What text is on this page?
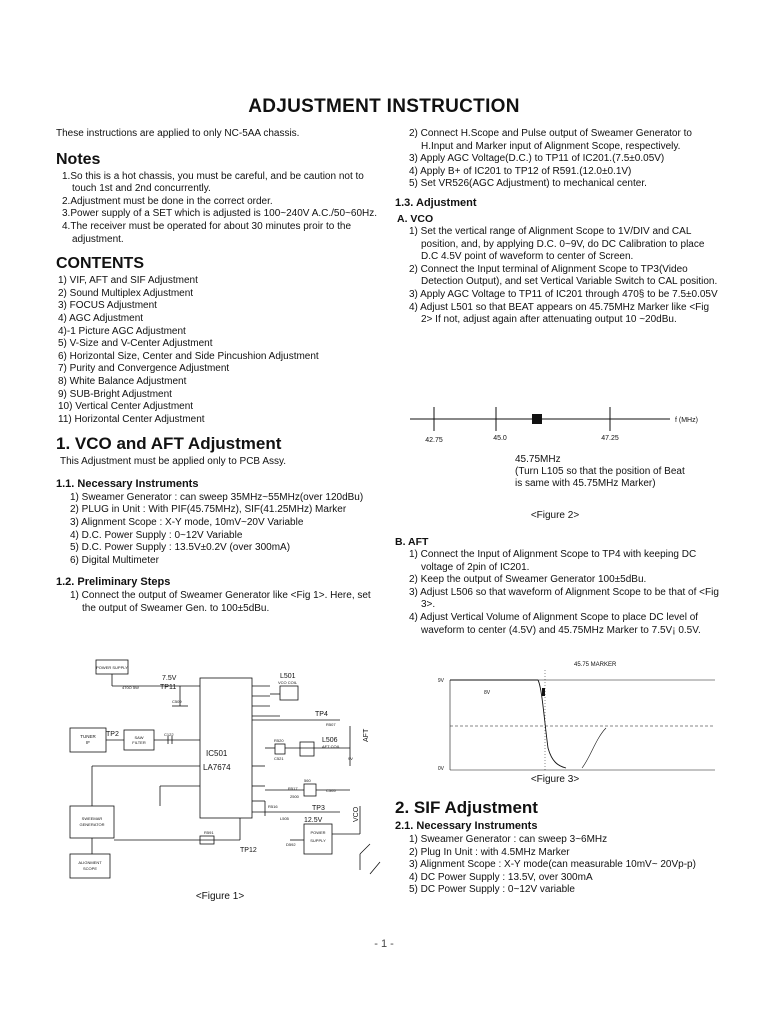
ADJUSTMENT INSTRUCTION

These instructions are applied to only NC-5AA chassis.

Notes

1.So this is a hot chassis, you must be careful, and be caution not to touch 1st and 2nd concurrently.

2.Adjustment must be done in the correct order.

3.Power supply of a SET which is adjusted is 100~240V A.C./50~60Hz.

4.The receiver must be operated for about 30 minutes proir to the adjustment.

CONTENTS
1) VIF, AFT and SIF Adjustment
2) Sound Multiplex Adjustment
3) FOCUS Adjustment
4) AGC Adjustment
4)-1 Picture AGC Adjustment
5) V-Size and V-Center Adjustment
6) Horizontal Size, Center and Side Pincushion Adjustment
7) Purity and Convergence Adjustment
8) White Balance Adjustment
9) SUB-Bright Adjustment
10) Vertical Center Adjustment
11) Horizontal Center Adjustment
1. VCO and AFT Adjustment

This Adjustment must be applied only to PCB Assy.

1.1. Necessary Instruments
1) Sweamer Generator : can sweep 35MHz~55MHz(over 120dBu)
2) PLUG in Unit : With PIF(45.75MHz), SIF(41.25MHz) Marker
3) Alignment Scope : X-Y mode, 10mV~20V Variable
4) D.C. Power Supply : 0~12V Variable
5) D.C. Power Supply : 13.5V±0.2V (over 300mA)
6) Digital Multimeter
1.2. Preliminary Steps
1) Connect the output of Sweamer Generator like <Fig 1>. Here, set the output of Sweamer Gen. to 100±5dBu.
POWER SUPPLY
7.5V
TP11
470O 5W
C509
L501
VCO COIL
TP4
R507
TUNER
IF
TP2	SAW
FILTER
C122
IC501
LA7674
R520
C521
L506
AFT COIL
AFT
9V
R517
560
2500
C505
TP3
R516
L505	VCO
12.5V
SWEEMAR
GENERATOR
R591
TP12
D592
POWER
SUPPLY
ALIGNMENT
SCOPE
<Figure 1>
2) Connect H.Scope and Pulse output of Sweamer Generator to H.Input and Marker input of Alignment Scope, respectively.
3) Apply AGC Voltage(D.C.) to TP11 of IC201.(7.5±0.05V)
4) Apply B+ of IC201 to TP12 of R591.(12.0±0.1V)
5) Set VR526(AGC Adjustment) to mechanical center.
1.3. Adjustment
A. VCO
1) Set the vertical range of Alignment Scope to 1V/DIV and CAL position, and, by applying D.C. 0~9V, do DC Calibration to place D.C 4.5V point of waveform to center of Screen.
2) Connect the Input terminal of Alignment Scope to TP3(Video Detection Output), and set Vertical Variable Switch to CAL position.
3) Apply AGC Voltage to TP11 of IC201 through 470§ to be 7.5±0.05V
4) Adjust L501 so that BEAT appears on 45.75MHz Marker like <Fig 2> If not, adjust again after attenuating output 10 ~20dBu.
f (MHz)
42.75	45.0	47.25
45.75MHz
(Turn L105 so that the position of Beat
is same with 45.75MHz Marker)
<Figure 2>
B. AFT
1) Connect the Input of Alignment Scope to TP4 with keeping DC voltage of 2pin of IC201.
2) Keep the output of Sweamer Generator 100±5dBu.
3) Adjust L506 so that waveform of Alignment Scope to be that of <Fig 3>.
4) Adjust Vertical Volume of Alignment Scope to place DC level of waveform to center (4.5V) and 45.75MHz Marker to 7.5V¡ 0.5V.
45.75 MARKER
9V
8V
0V
<Figure 3>
2. SIF Adjustment
2.1. Necessary Instruments
1) Sweamer Generator : can sweep 3~6MHz
2) Plug In Unit : with 4.5MHz Marker
3) Alignment Scope : X-Y mode(can measurable 10mV~ 20Vp-p)
4) DC Power Supply : 13.5V, over 300mA
5) DC Power Supply : 0~12V variable
- 1 -
